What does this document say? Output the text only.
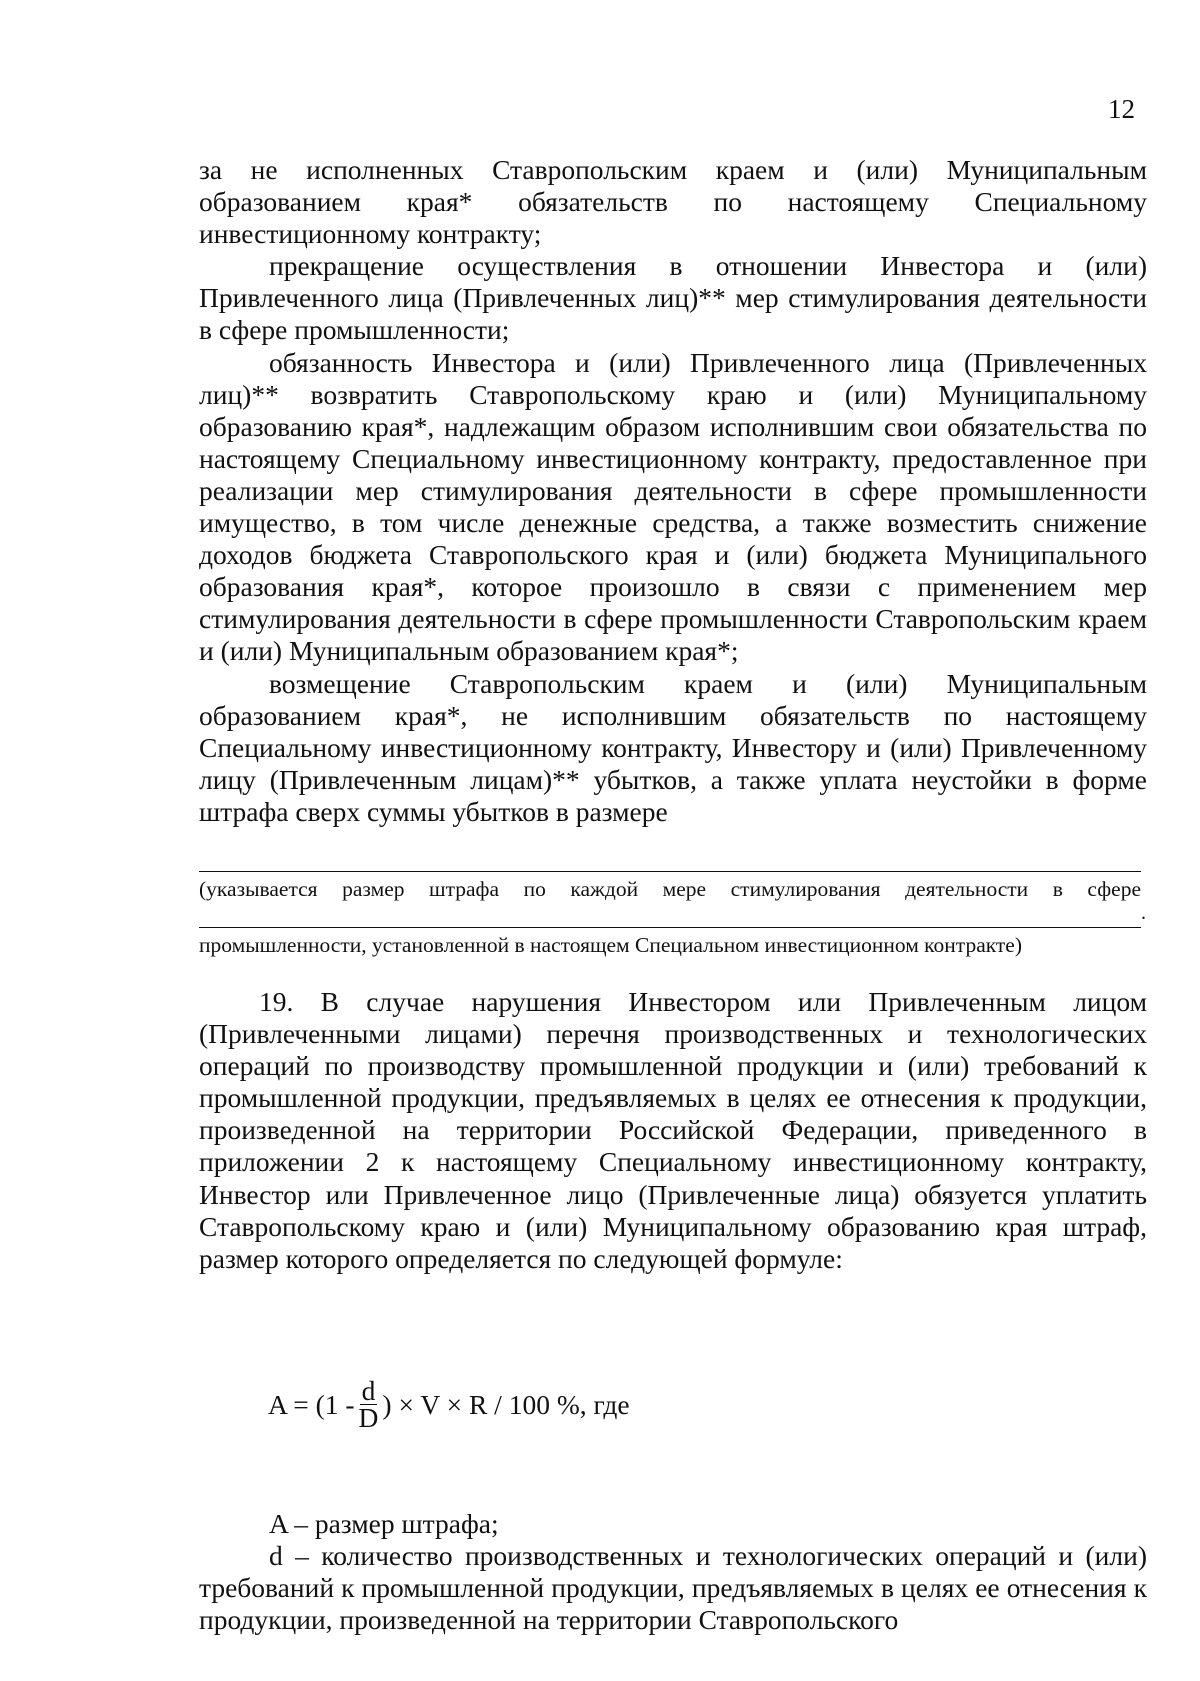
12

за не исполненных Ставропольским краем и (или) Муниципальным образованием края* обязательств по настоящему Специальному инвестиционному контракту;

прекращение осуществления в отношении Инвестора и (или) Привлеченного лица (Привлеченных лиц)** мер стимулирования деятельности в сфере промышленности;

обязанность Инвестора и (или) Привлеченного лица (Привлеченных лиц)** возвратить Ставропольскому краю и (или) Муниципальному образованию края*, надлежащим образом исполнившим свои обязательства по настоящему Специальному инвестиционному контракту, предоставленное при реализации мер стимулирования деятельности в сфере промышленности имущество, в том числе денежные средства, а также возместить снижение доходов бюджета Ставропольского края и (или) бюджета Муниципального образования края*, которое произошло в связи с применением мер стимулирования деятельности в сфере промышленности Ставропольским краем и (или) Муниципальным образованием края*;

возмещение Ставропольским краем и (или) Муниципальным образованием края*, не исполнившим обязательств по настоящему Специальному инвестиционному контракту, Инвестору и (или) Привлеченному лицу (Привлеченным лицам)** убытков, а также уплата неустойки в форме штрафа сверх суммы убытков в размере

(указывается размер штрафа по каждой мере стимулирования деятельности в сфере
.
промышленности, установленной в настоящем Специальном инвестиционном контракте)

19. В случае нарушения Инвестором или Привлеченным лицом (Привлеченными лицами) перечня производственных и технологических операций по производству промышленной продукции и (или) требований к промышленной продукции, предъявляемых в целях ее отнесения к продукции, произведенной на территории Российской Федерации, приведенного в приложении 2 к настоящему Специальному инвестиционному контракту, Инвестор или Привлеченное лицо (Привлеченные лица) обязуется уплатить Ставропольскому краю и (или) Муниципальному образованию края штраф, размер которого определяется по следующей формуле:

$A = (1 - \frac{d}{D}$ ) × V × R / 100 %, где

A – размер штрафа;

d – количество производственных и технологических операций и (или) требований к промышленной продукции, предъявляемых в целях ее отнесения к продукции, произведенной на территории Ставропольского
